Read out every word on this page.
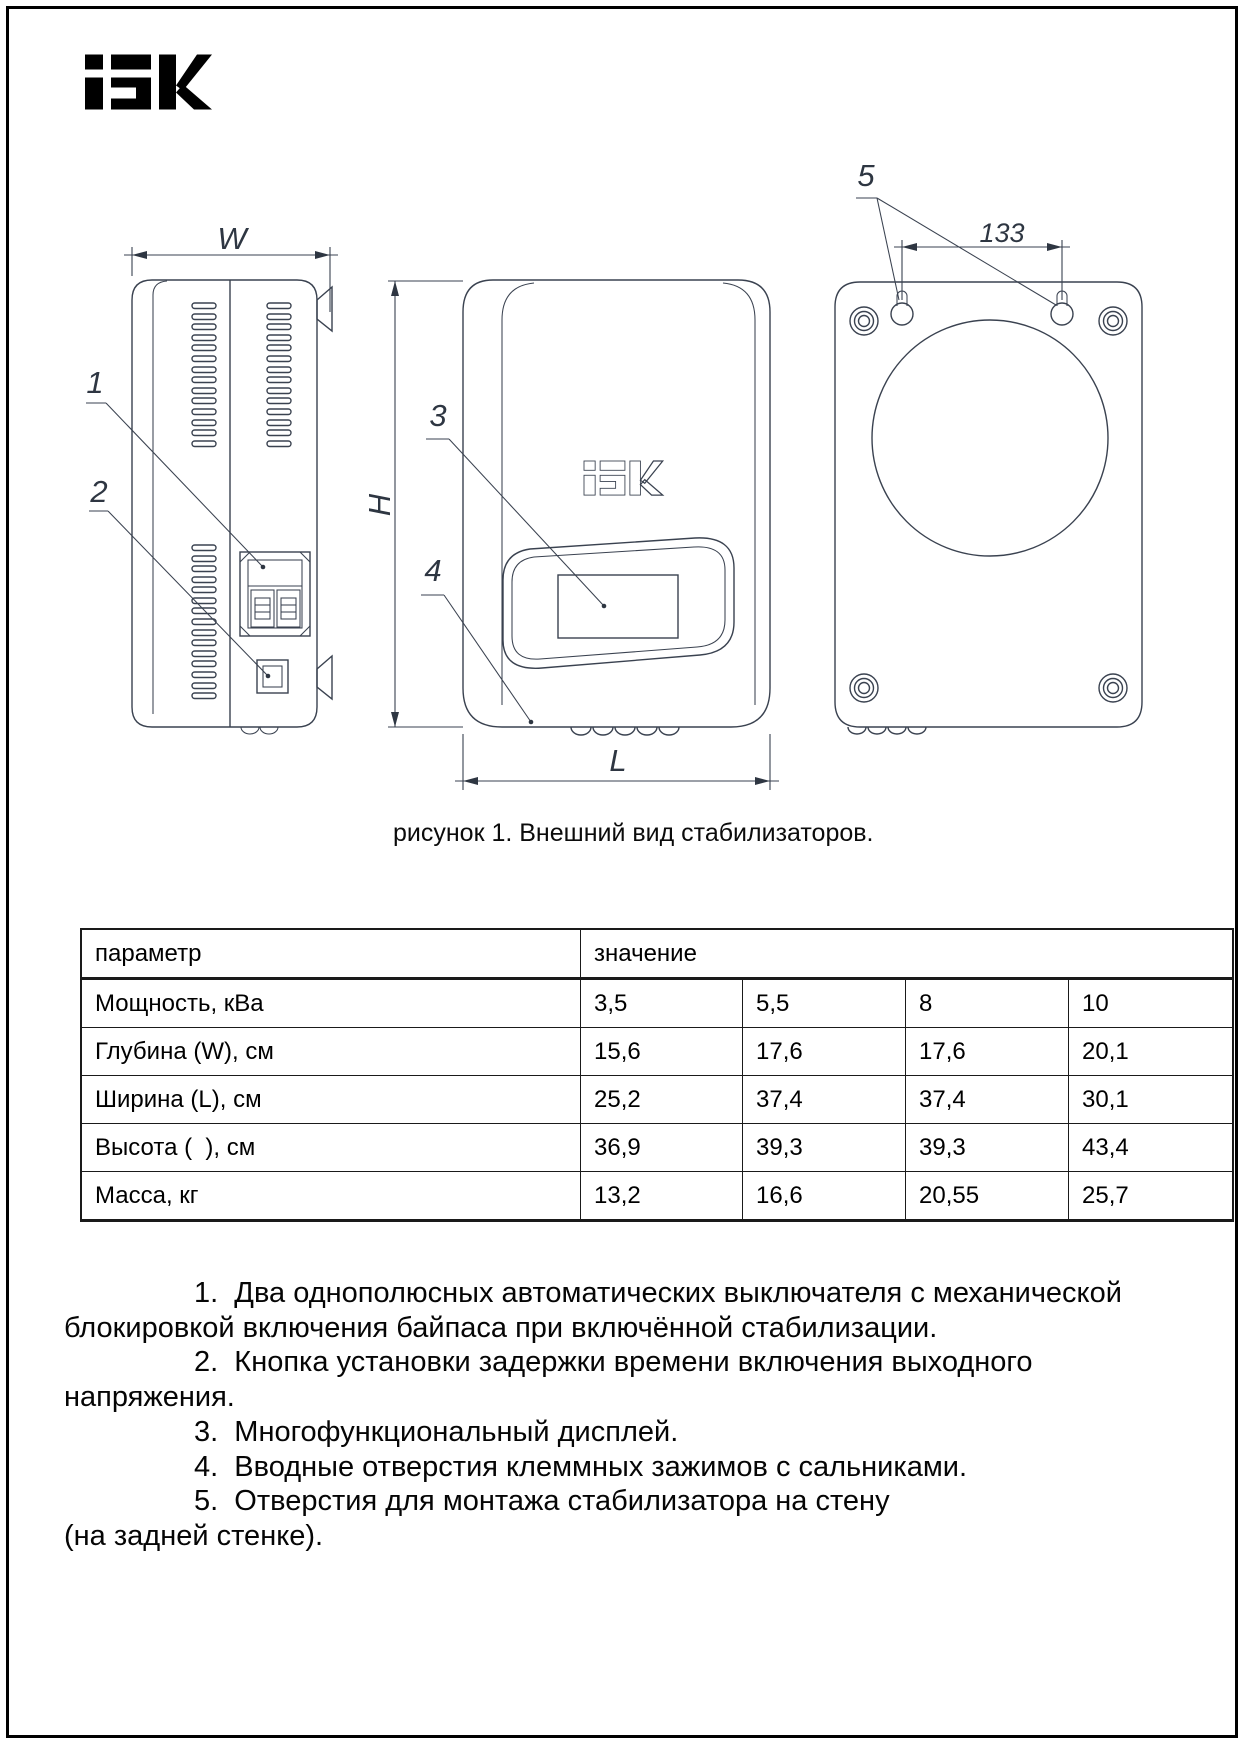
W
1
2
3
4
H
L
133
5
рисунок 1. Внешний вид стабилизаторов.
параметр	значение			
Мощность, кВа	3,5	5,5	8	10
Глубина (W), см	15,6	17,6	17,6	20,1
Ширина (L), см	25,2	37,4	37,4	30,1
Высота (  ), см	36,9	39,3	39,3	43,4
Масса, кг	13,2	16,6	20,55	25,7
1.  Два однополюсных автоматических выключателя с механической
блокировкой включения байпаса при включённой стабилизации.
2.  Кнопка установки задержки времени включения выходного
напряжения.
3.  Многофункциональный дисплей.
4.  Вводные отверстия клеммных зажимов с сальниками.
5.  Отверстия для монтажа стабилизатора на стену
(на задней стенке).
